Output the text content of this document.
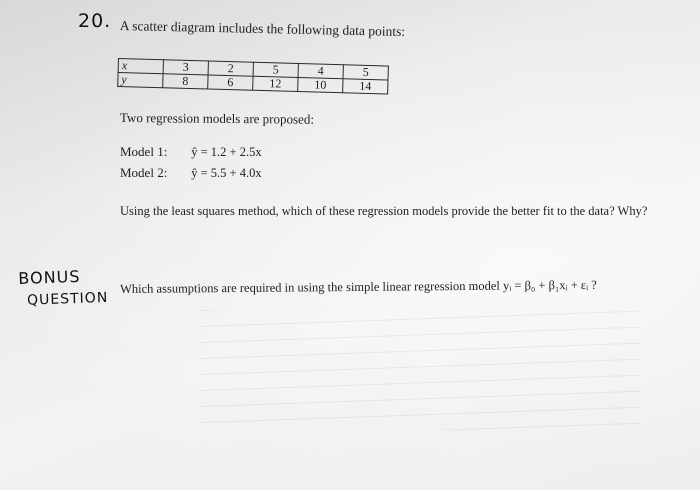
20. A scatter diagram includes the following data points:
x	3	2	5	4	5
y	8	6	12	10	14
Two regression models are proposed:
Model 1: ŷ = 1.2 + 2.5x
Model 2: ŷ = 5.5 + 4.0x
Using the least squares method, which of these regression models provide the better fit to the data? Why?
BONUS
QUESTION
Which assumptions are required in using the simple linear regression model yᵢ = β₀ + β₁xᵢ + εᵢ ?
